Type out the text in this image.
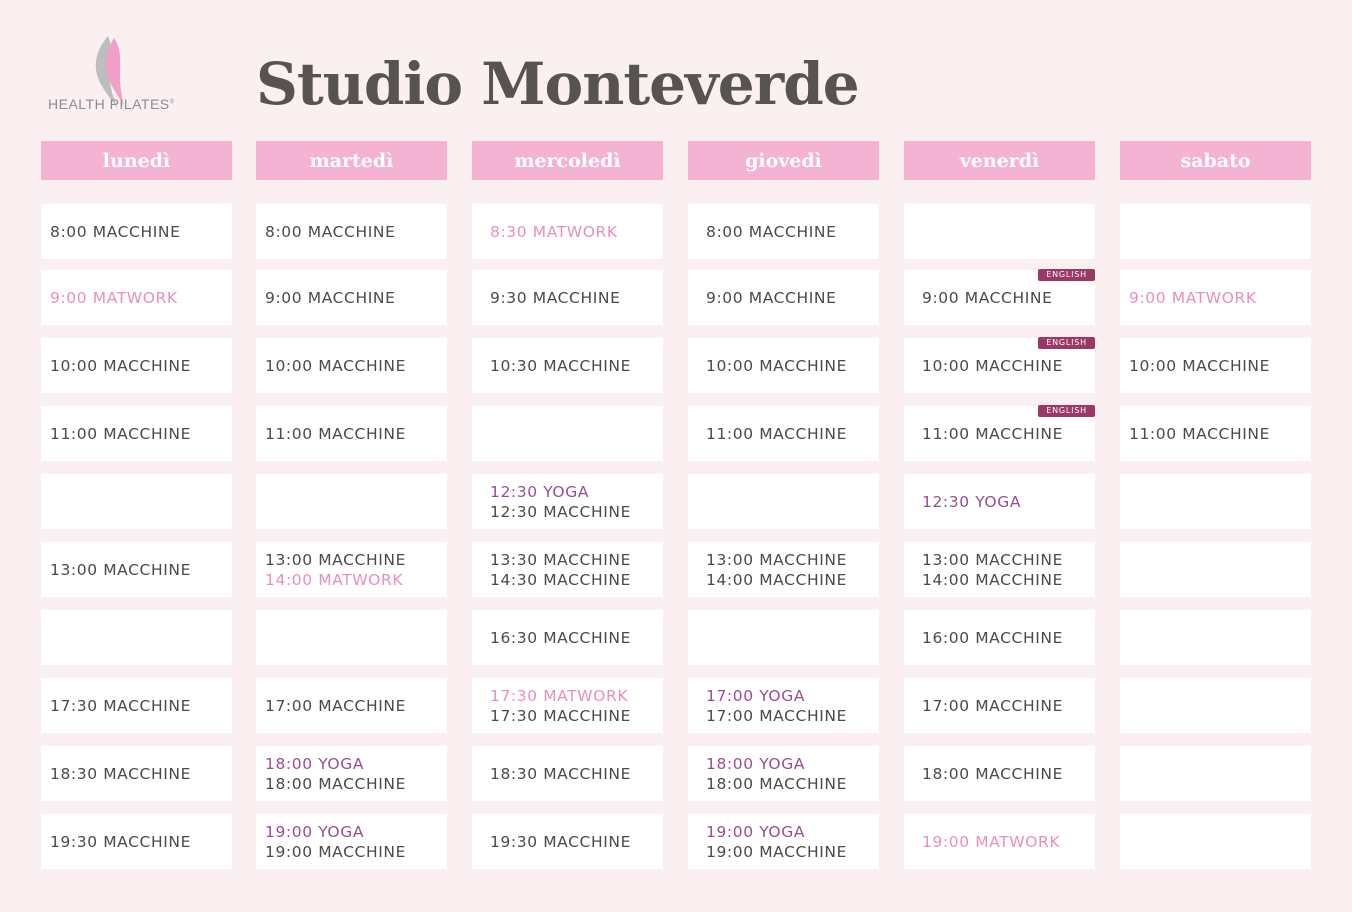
HEALTH PILATES® Studio Monteverde
lunedì
8:00 MACCHINE
9:00 MATWORK
10:00 MACCHINE
11:00 MACCHINE
13:00 MACCHINE
17:30 MACCHINE
18:30 MACCHINE
19:30 MACCHINE
martedì
8:00 MACCHINE
9:00 MACCHINE
10:00 MACCHINE
11:00 MACCHINE
13:00 MACCHINE
14:00 MATWORK
17:00 MACCHINE
18:00 YOGA
18:00 MACCHINE
19:00 YOGA
19:00 MACCHINE
mercoledì
8:30 MATWORK
9:30 MACCHINE
10:30 MACCHINE
12:30 YOGA
12:30 MACCHINE
13:30 MACCHINE
14:30 MACCHINE
16:30 MACCHINE
17:30 MATWORK
17:30 MACCHINE
18:30 MACCHINE
19:30 MACCHINE
giovedì
8:00 MACCHINE
9:00 MACCHINE
10:00 MACCHINE
11:00 MACCHINE
13:00 MACCHINE
14:00 MACCHINE
17:00 YOGA
17:00 MACCHINE
18:00 YOGA
18:00 MACCHINE
19:00 YOGA
19:00 MACCHINE
venerdì
9:00 MACCHINE
ENGLISH
10:00 MACCHINE
ENGLISH
11:00 MACCHINE
ENGLISH
12:30 YOGA
13:00 MACCHINE
14:00 MACCHINE
16:00 MACCHINE
17:00 MACCHINE
18:00 MACCHINE
19:00 MATWORK
sabato
9:00 MATWORK
10:00 MACCHINE
11:00 MACCHINE
